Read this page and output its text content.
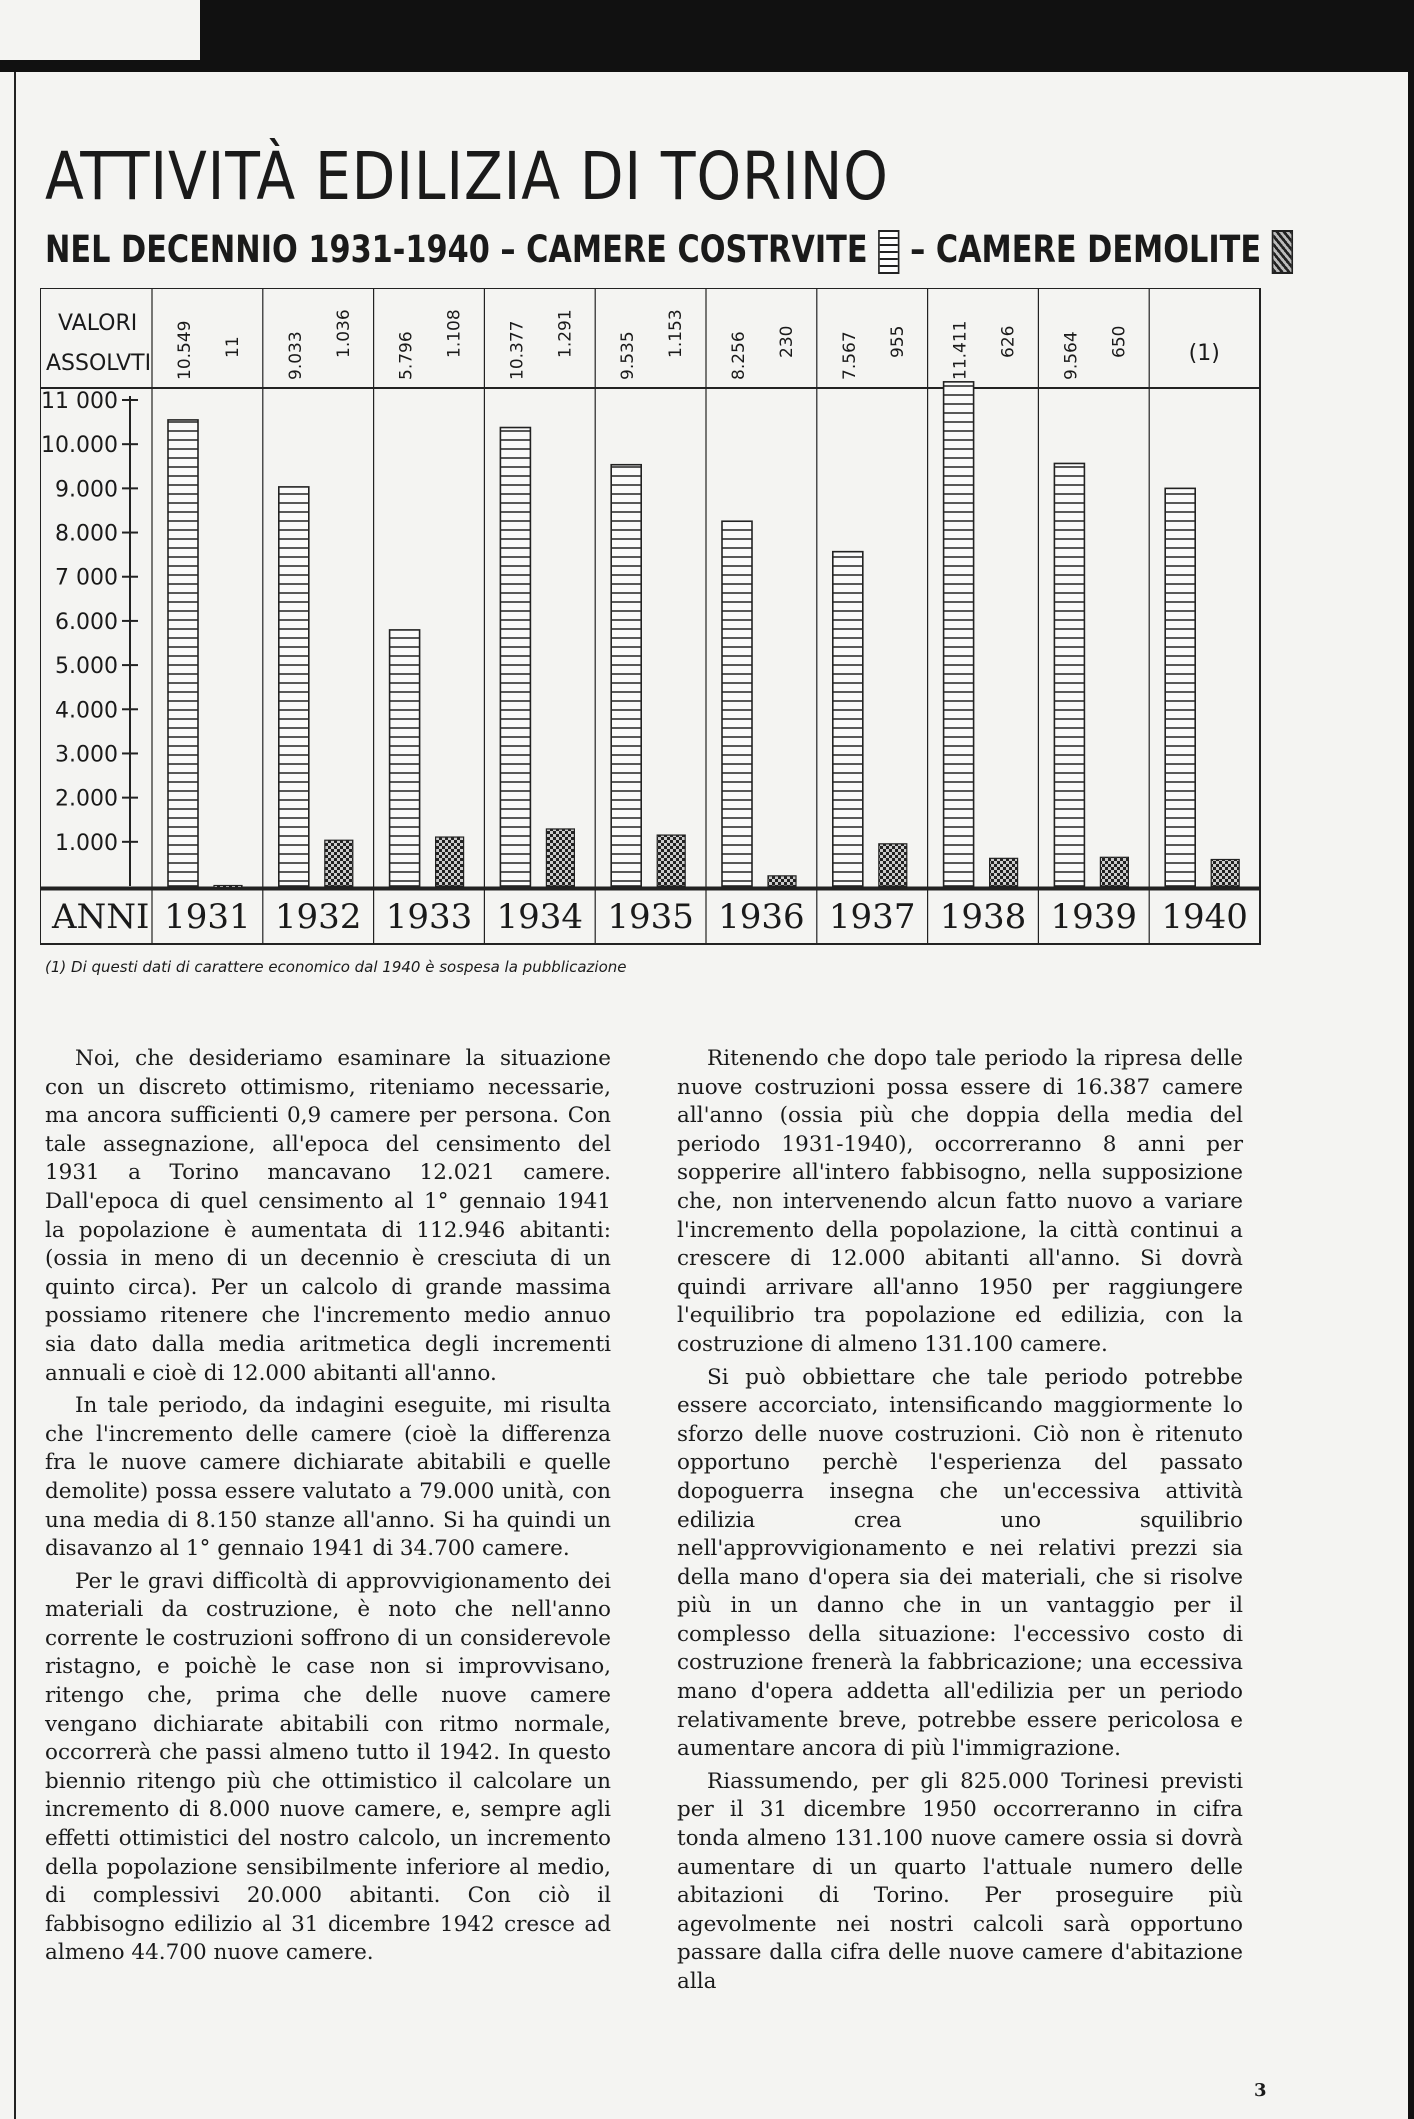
ATTIVITÀ EDILIZIA DI TORINO
NEL DECENNIO 1931-1940 – CAMERE COSTRVITE – CAMERE DEMOLITE
VALORI
ASSOLVTI
ANNI
1.000
2.000
3.000
4.000
5.000
6.000
7 000
8.000
9.000
10.000
11 000
10.549 11
1931
9.033 1.036
1932
5.796 1.108
1933
10.377 1.291
1934
9.535 1.153
1935
8.256 230
1936
7.567 955
1937
11.411 626
1938
9.564 650
1939
(1)
1940
(1) Di questi dati di carattere economico dal 1940 è sospesa la pubblicazione

Noi, che desideriamo esaminare la situazione con un discreto ottimismo, riteniamo necessarie, ma ancora sufficienti 0,9 camere per persona. Con tale assegnazione, all'epoca del censimento del 1931 a Torino mancavano 12.021 camere. Dall'epoca di quel censimento al 1° gennaio 1941 la popolazione è aumentata di 112.946 abitanti: (ossia in meno di un decennio è cresciuta di un quinto circa). Per un calcolo di grande massima possiamo ritenere che l'incremento medio annuo sia dato dalla media aritmetica degli incrementi annuali e cioè di 12.000 abitanti all'anno.

In tale periodo, da indagini eseguite, mi risulta che l'incremento delle camere (cioè la differenza fra le nuove camere dichiarate abitabili e quelle demolite) possa essere valutato a 79.000 unità, con una media di 8.150 stanze all'anno. Si ha quindi un disavanzo al 1° gennaio 1941 di 34.700 camere.

Per le gravi difficoltà di approvvigionamento dei materiali da costruzione, è noto che nell'anno corrente le costruzioni soffrono di un considerevole ristagno, e poichè le case non si improvvisano, ritengo che, prima che delle nuove camere vengano dichiarate abitabili con ritmo normale, occorrerà che passi almeno tutto il 1942. In questo biennio ritengo più che ottimistico il calcolare un incremento di 8.000 nuove camere, e, sempre agli effetti ottimistici del nostro calcolo, un incremento della popolazione sensibilmente inferiore al medio, di complessivi 20.000 abitanti. Con ciò il fabbisogno edilizio al 31 dicembre 1942 cresce ad almeno 44.700 nuove camere.

Ritenendo che dopo tale periodo la ripresa delle nuove costruzioni possa essere di 16.387 camere all'anno (ossia più che doppia della media del periodo 1931-1940), occorreranno 8 anni per sopperire all'intero fabbisogno, nella supposizione che, non intervenendo alcun fatto nuovo a variare l'incremento della popolazione, la città continui a crescere di 12.000 abitanti all'anno. Si dovrà quindi arrivare all'anno 1950 per raggiungere l'equilibrio tra popolazione ed edilizia, con la costruzione di almeno 131.100 camere.

Si può obbiettare che tale periodo potrebbe essere accorciato, intensificando maggiormente lo sforzo delle nuove costruzioni. Ciò non è ritenuto opportuno perchè l'esperienza del passato dopoguerra insegna che un'eccessiva attività edilizia crea uno squilibrio nell'approvvigionamento e nei relativi prezzi sia della mano d'opera sia dei materiali, che si risolve più in un danno che in un vantaggio per il complesso della situazione: l'eccessivo costo di costruzione frenerà la fabbricazione; una eccessiva mano d'opera addetta all'edilizia per un periodo relativamente breve, potrebbe essere pericolosa e aumentare ancora di più l'immigrazione.

Riassumendo, per gli 825.000 Torinesi previsti per il 31 dicembre 1950 occorreranno in cifra tonda almeno 131.100 nuove camere ossia si dovrà aumentare di un quarto l'attuale numero delle abitazioni di Torino. Per proseguire più agevolmente nei nostri calcoli sarà opportuno passare dalla cifra delle nuove camere d'abitazione alla

3
